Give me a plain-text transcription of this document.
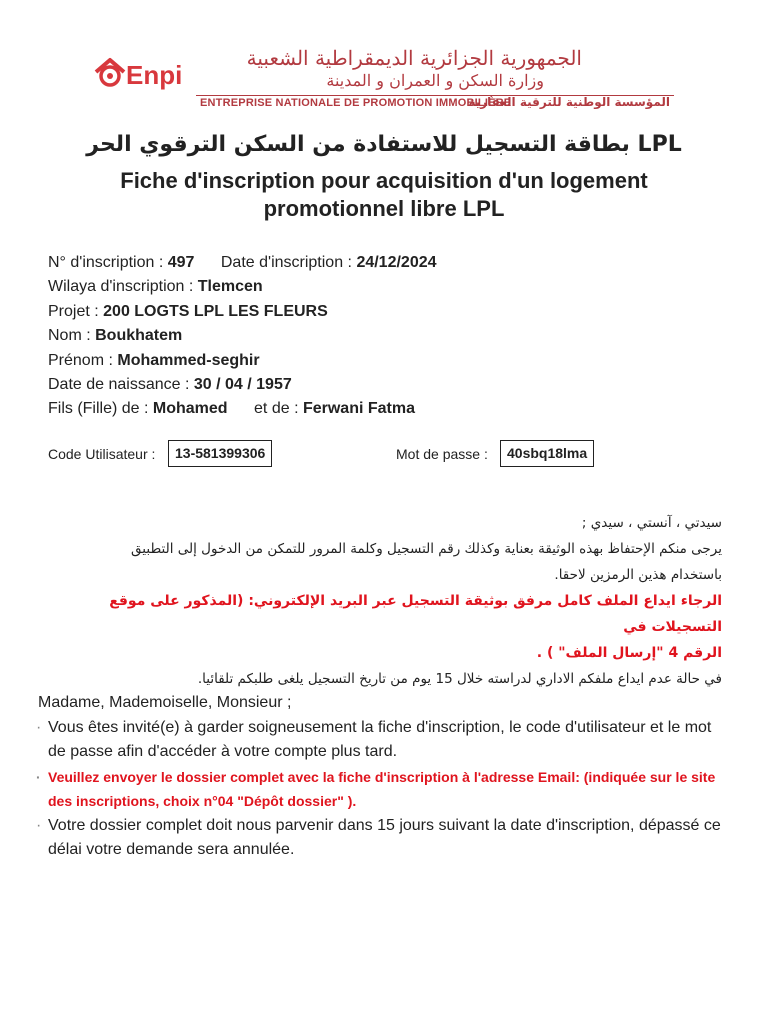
Enpi
الجمهورية الجزائرية الديمقراطية الشعبية
وزارة السكن و العمران و المدينة
ENTREPRISE NATIONALE DE PROMOTION IMMOBILIÈRE
المؤسسة الوطنية للترقية العقارية
بطاقة التسجيل للاستفادة من السكن الترقوي الحر LPL
Fiche d'inscription pour acquisition d'un logement promotionnel libre LPL
N° d'inscription : 497 Date d'inscription : 24/12/2024
Wilaya d'inscription : Tlemcen
Projet : 200 LOGTS LPL LES FLEURS
Nom : Boukhatem
Prénom : Mohammed-seghir
Date de naissance : 30 / 04 / 1957
Fils (Fille) de : Mohamed et de : Ferwani Fatma
Code Utilisateur :	13-581399306	Mot de passe :	40sbq18lma
سيدتي ، آنستي ، سيدي ;
يرجى منكم الإحتفاظ بهذه الوثيقة بعناية وكذلك رقم التسجيل وكلمة المرور للتمكن من الدخول إلى التطبيق
باستخدام هذين الرمزين لاحقا.
الرجاء ايداع الملف كامل مرفق بوثيقة التسجيل عبر البريد الإلكتروني: (المذكور على موقع التسجيلات في
الرقم 4 "إرسال الملف" ) .
في حالة عدم ايداع ملفكم الاداري لدراسته خلال 15 يوم من تاريخ التسجيل يلغى طلبكم تلقائيا.
Madame, Mademoiselle, Monsieur ;
· Vous êtes invité(e) à garder soigneusement la fiche d'inscription, le code d'utilisateur et le mot de passe afin d'accéder à votre compte plus tard.
· Veuillez envoyer le dossier complet avec la fiche d'inscription à l'adresse Email: (indiquée sur le site des inscriptions, choix n°04 "Dépôt dossier" ).
· Votre dossier complet doit nous parvenir dans 15 jours suivant la date d'inscription, dépassé ce délai votre demande sera annulée.
